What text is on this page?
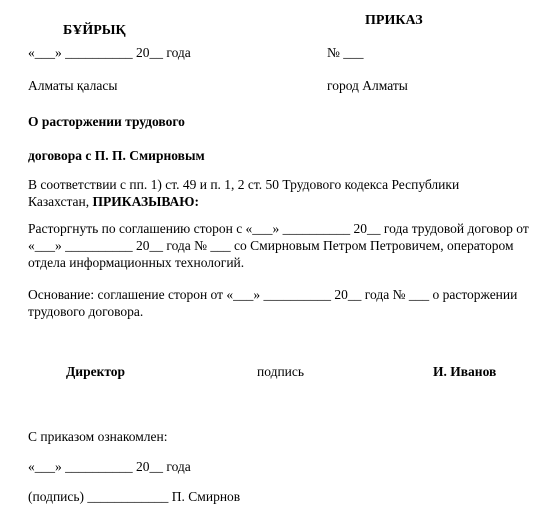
БҰЙРЫҚ
ПРИКАЗ
«___» __________ 20__ года	№ ___
Алматы қаласы	город Алматы
О расторжении трудового
договора с П. П. Смирновым
В соответствии с пп. 1) ст. 49 и п. 1, 2 ст. 50 Трудового кодекса Республики Казахстан, ПРИКАЗЫВАЮ:
Расторгнуть по соглашению сторон с «___» __________ 20__ года трудовой договор от «___» __________ 20__ года № ___ со Смирновым Петром Петровичем, оператором отдела информационных технологий.
Основание: соглашение сторон от «___» __________ 20__ года № ___ о расторжении трудового договора.
Директор	подпись	И. Иванов
С приказом ознакомлен:
«___» __________ 20__ года
(подпись) ____________ П. Смирнов
